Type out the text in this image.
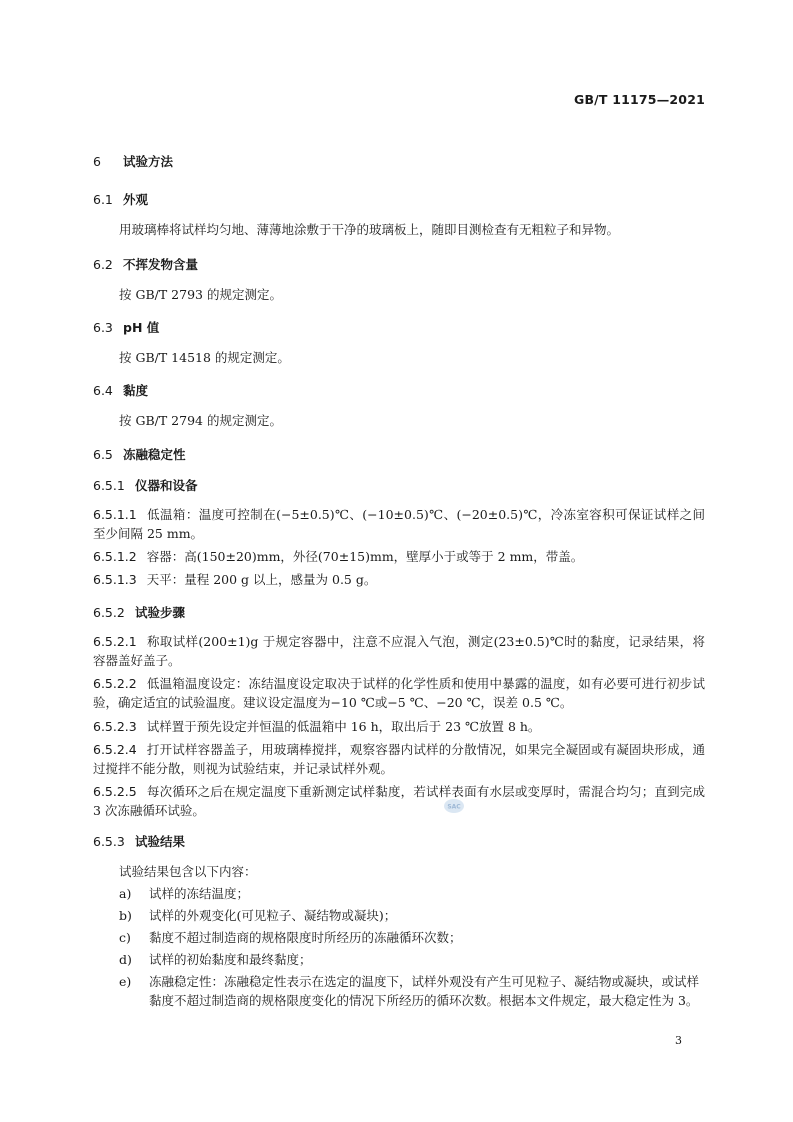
GB/T 11175—2021
6 试验方法
6.1 外观
用玻璃棒将试样均匀地、薄薄地涂敷于干净的玻璃板上，随即目测检查有无粗粒子和异物。
6.2 不挥发物含量
按 GB/T 2793 的规定测定。
6.3 pH 值
按 GB/T 14518 的规定测定。
6.4 黏度
按 GB/T 2794 的规定测定。
6.5 冻融稳定性
6.5.1 仪器和设备
6.5.1.1 低温箱：温度可控制在(−5±0.5)℃、(−10±0.5)℃、(−20±0.5)℃，冷冻室容积可保证试样之间至少间隔 25 mm。
6.5.1.2 容器：高(150±20)mm，外径(70±15)mm，壁厚小于或等于 2 mm，带盖。
6.5.1.3 天平：量程 200 g 以上，感量为 0.5 g。
6.5.2 试验步骤
6.5.2.1 称取试样(200±1)g 于规定容器中，注意不应混入气泡，测定(23±0.5)℃时的黏度，记录结果，将容器盖好盖子。
6.5.2.2 低温箱温度设定：冻结温度设定取决于试样的化学性质和使用中暴露的温度，如有必要可进行初步试验，确定适宜的试验温度。建议设定温度为−10 ℃或−5 ℃、−20 ℃，误差 0.5 ℃。
6.5.2.3 试样置于预先设定并恒温的低温箱中 16 h，取出后于 23 ℃放置 8 h。
6.5.2.4 打开试样容器盖子，用玻璃棒搅拌，观察容器内试样的分散情况，如果完全凝固或有凝固块形成，通过搅拌不能分散，则视为试验结束，并记录试样外观。
6.5.2.5 每次循环之后在规定温度下重新测定试样黏度，若试样表面有水层或变厚时，需混合均匀；直到完成 3 次冻融循环试验。	SAC
6.5.3 试验结果
试验结果包含以下内容：
a) 试样的冻结温度；
b) 试样的外观变化(可见粒子、凝结物或凝块)；
c) 黏度不超过制造商的规格限度时所经历的冻融循环次数；
d) 试样的初始黏度和最终黏度；
e) 冻融稳定性：冻融稳定性表示在选定的温度下，试样外观没有产生可见粒子、凝结物或凝块，或试样黏度不超过制造商的规格限度变化的情况下所经历的循环次数。根据本文件规定，最大稳定性为 3。
3
